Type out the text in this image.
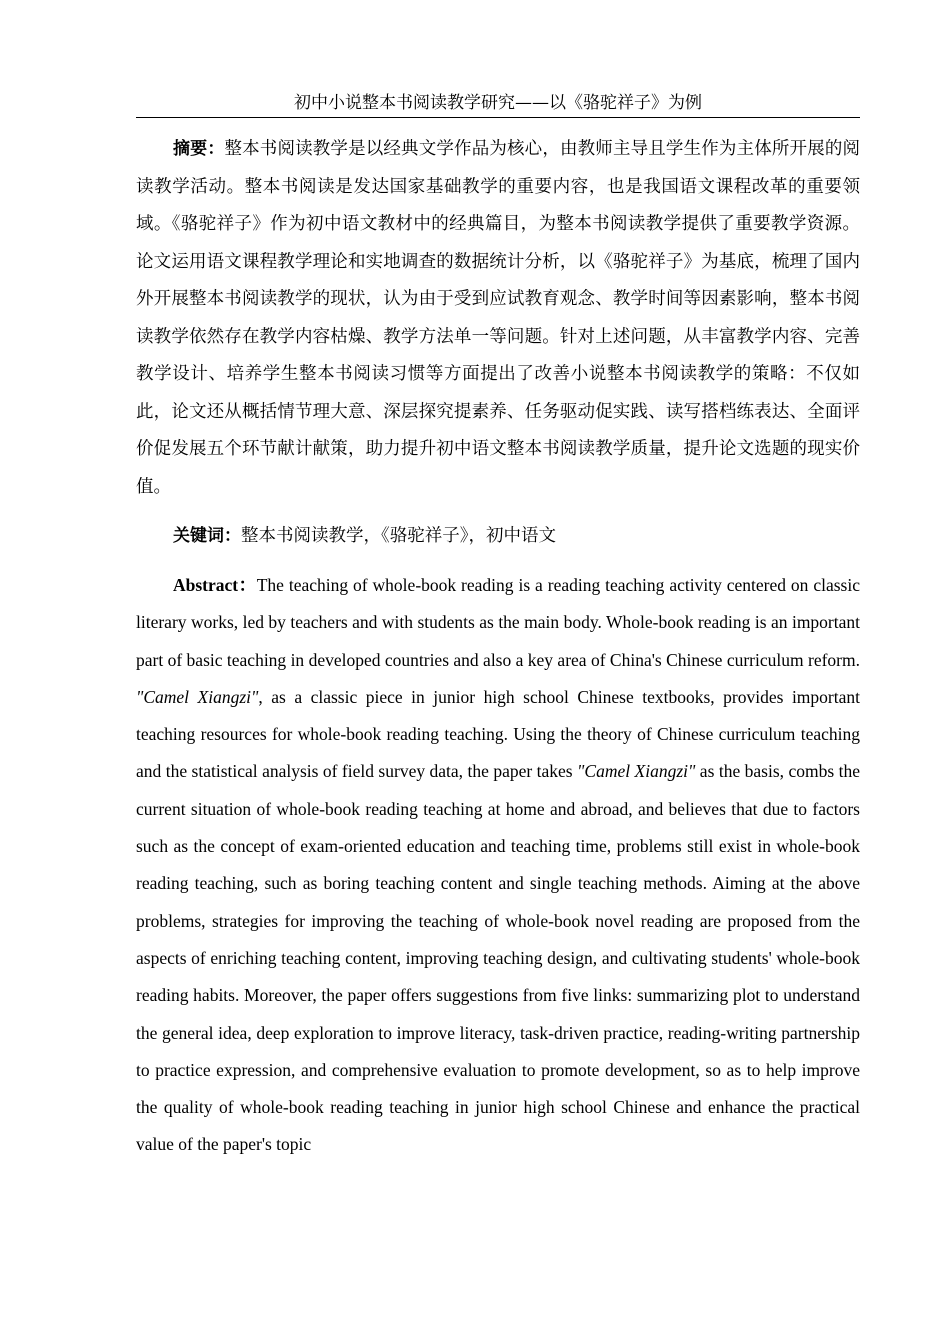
初中小说整本书阅读教学研究——以《骆驼祥子》为例

摘要：整本书阅读教学是以经典文学作品为核心，由教师主导且学生作为主体所开展的阅读教学活动。整本书阅读是发达国家基础教学的重要内容，也是我国语文课程改革的重要领域。《骆驼祥子》作为初中语文教材中的经典篇目，为整本书阅读教学提供了重要教学资源。论文运用语文课程教学理论和实地调查的数据统计分析，以《骆驼祥子》为基底，梳理了国内外开展整本书阅读教学的现状，认为由于受到应试教育观念、教学时间等因素影响，整本书阅读教学依然存在教学内容枯燥、教学方法单一等问题。针对上述问题，从丰富教学内容、完善教学设计、培养学生整本书阅读习惯等方面提出了改善小说整本书阅读教学的策略：不仅如此，论文还从概括情节理大意、深层探究提素养、任务驱动促实践、读写搭档练表达、全面评价促发展五个环节献计献策，助力提升初中语文整本书阅读教学质量，提升论文选题的现实价值。

关键词：整本书阅读教学，《骆驼祥子》，初中语文

Abstract：The teaching of whole-book reading is a reading teaching activity centered on classic literary works, led by teachers and with students as the main body. Whole-book reading is an important part of basic teaching in developed countries and also a key area of China's Chinese curriculum reform. "Camel Xiangzi", as a classic piece in junior high school Chinese textbooks, provides important teaching resources for whole-book reading teaching. Using the theory of Chinese curriculum teaching and the statistical analysis of field survey data, the paper takes "Camel Xiangzi" as the basis, combs the current situation of whole-book reading teaching at home and abroad, and believes that due to factors such as the concept of exam-oriented education and teaching time, problems still exist in whole-book reading teaching, such as boring teaching content and single teaching methods. Aiming at the above problems, strategies for improving the teaching of whole-book novel reading are proposed from the aspects of enriching teaching content, improving teaching design, and cultivating students' whole-book reading habits. Moreover, the paper offers suggestions from five links: summarizing plot to understand the general idea, deep exploration to improve literacy, task-driven practice, reading-writing partnership to practice expression, and comprehensive evaluation to promote development, so as to help improve the quality of whole-book reading teaching in junior high school Chinese and enhance the practical value of the paper's topic
